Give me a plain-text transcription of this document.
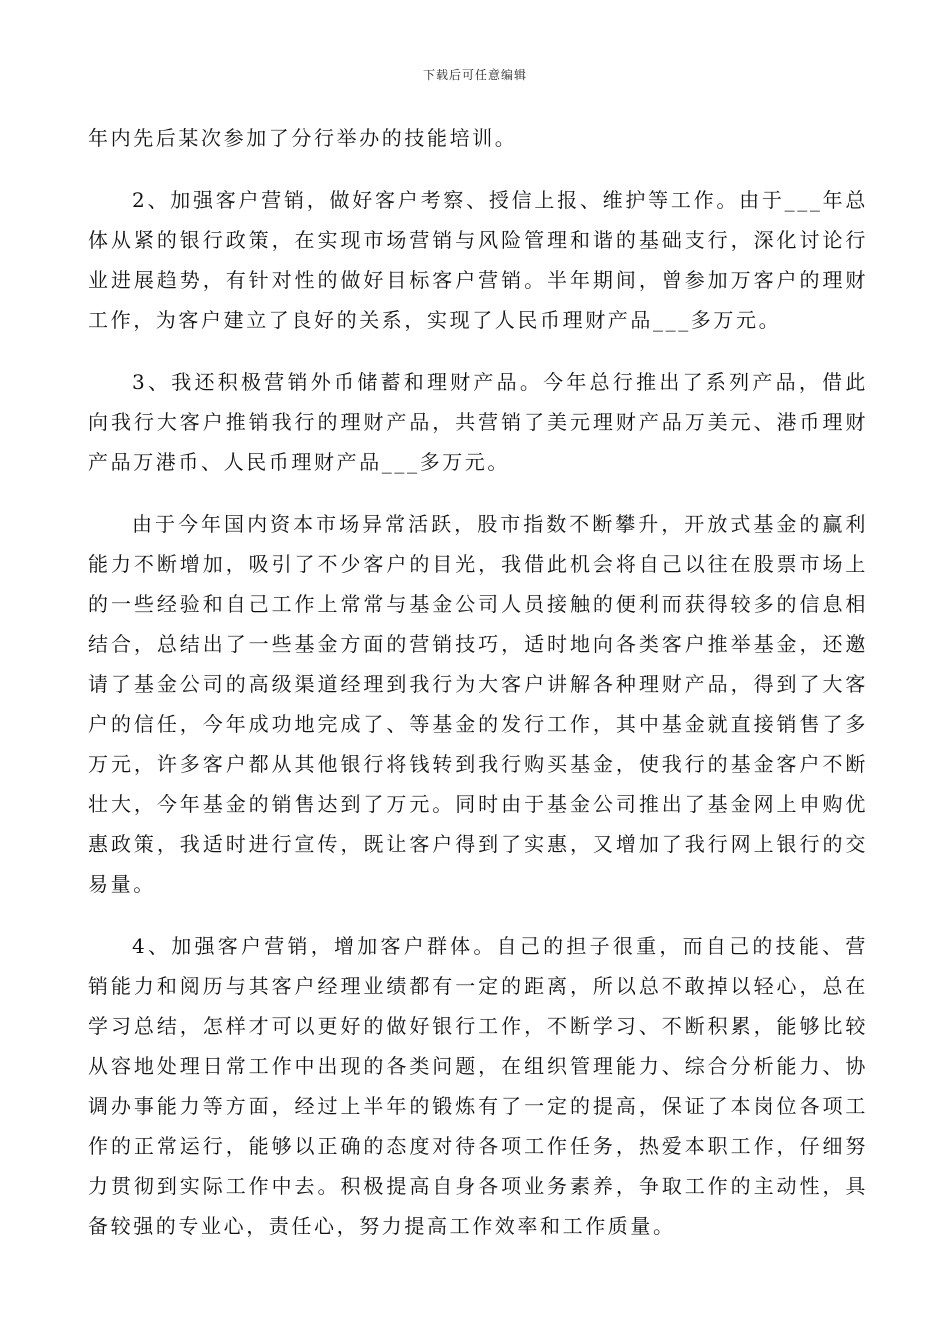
下载后可任意编辑

年内先后某次参加了分行举办的技能培训。

2、加强客户营销，做好客户考察、授信上报、维护等工作。由于___年总体从紧的银行政策，在实现市场营销与风险管理和谐的基础支行，深化讨论行业进展趋势，有针对性的做好目标客户营销。半年期间，曾参加万客户的理财工作，为客户建立了良好的关系，实现了人民币理财产品___多万元。

3、我还积极营销外币储蓄和理财产品。今年总行推出了系列产品，借此向我行大客户推销我行的理财产品，共营销了美元理财产品万美元、港币理财产品万港币、人民币理财产品___多万元。

由于今年国内资本市场异常活跃，股市指数不断攀升，开放式基金的赢利能力不断增加，吸引了不少客户的目光，我借此机会将自己以往在股票市场上的一些经验和自己工作上常常与基金公司人员接触的便利而获得较多的信息相结合，总结出了一些基金方面的营销技巧，适时地向各类客户推举基金，还邀请了基金公司的高级渠道经理到我行为大客户讲解各种理财产品，得到了大客户的信任，今年成功地完成了、等基金的发行工作，其中基金就直接销售了多万元，许多客户都从其他银行将钱转到我行购买基金，使我行的基金客户不断壮大，今年基金的销售达到了万元。同时由于基金公司推出了基金网上申购优惠政策，我适时进行宣传，既让客户得到了实惠，又增加了我行网上银行的交易量。

4、加强客户营销，增加客户群体。自己的担子很重，而自己的技能、营销能力和阅历与其客户经理业绩都有一定的距离，所以总不敢掉以轻心，总在学习总结，怎样才可以更好的做好银行工作，不断学习、不断积累，能够比较从容地处理日常工作中出现的各类问题，在组织管理能力、综合分析能力、协调办事能力等方面，经过上半年的锻炼有了一定的提高，保证了本岗位各项工作的正常运行，能够以正确的态度对待各项工作任务，热爱本职工作，仔细努力贯彻到实际工作中去。积极提高自身各项业务素养，争取工作的主动性，具备较强的专业心，责任心，努力提高工作效率和工作质量。
